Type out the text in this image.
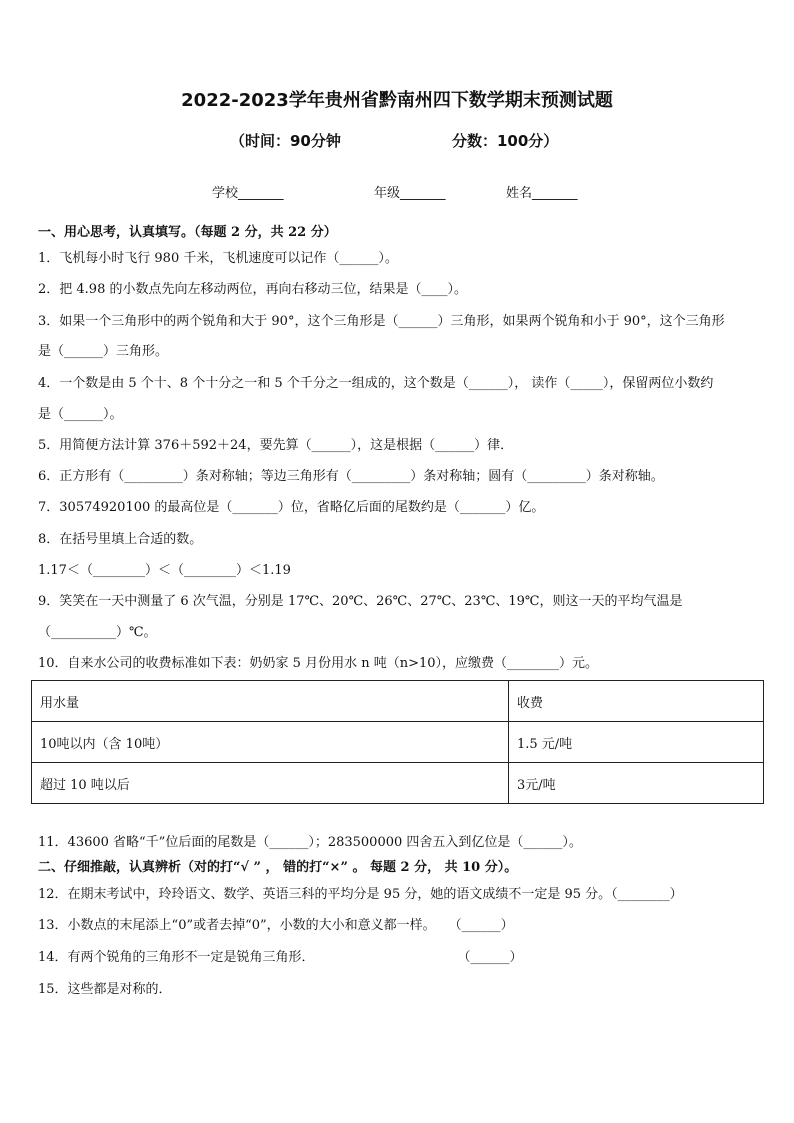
2022-2023学年贵州省黔南州四下数学期末预测试题
（时间：90分钟	分数：100分）
学校_______	年级_______	姓名_______
一、用心思考，认真填写。（每题 2 分，共 22 分）
1．飞机每小时飞行 980 千米，飞机速度可以记作（______）。
2．把 4.98 的小数点先向左移动两位，再向右移动三位，结果是（____）。
3．如果一个三角形中的两个锐角和大于 90°，这个三角形是（______）三角形，如果两个锐角和小于 90°，这个三角形
是（______）三角形。
4．一个数是由 5 个十、8 个十分之一和 5 个千分之一组成的，这个数是（______）， 读作（_____），保留两位小数约
是（______）。
5．用简便方法计算 376＋592＋24，要先算（______），这是根据（______）律．
6．正方形有（_________）条对称轴；等边三角形有（_________）条对称轴；圆有（_________）条对称轴。
7．30574920100 的最高位是（_______）位，省略亿后面的尾数约是（_______）亿。
8．在括号里填上合适的数。
1.17＜（________）＜（________）＜1.19
9．笑笑在一天中测量了 6 次气温，分别是 17℃、20℃、26℃、27℃、23℃、19℃，则这一天的平均气温是
（__________）℃。
10．自来水公司的收费标准如下表：奶奶家 5 月份用水 n 吨（n>10），应缴费（________）元。
用水量	收费
10吨以内（含 10吨）	1.5 元/吨
超过 10 吨以后	3元/吨
11．43600 省略“千”位后面的尾数是（______）；283500000 四舍五入到亿位是（______）。
二、仔细推敲，认真辨析（对的打“√ ” ， 错的打“×” 。 每题 2 分， 共 10 分）。
12．在期末考试中，玲玲语文、数学、英语三科的平均分是 95 分，她的语文成绩不一定是 95 分。（________）
13．小数点的末尾添上“0”或者去掉“0”，小数的大小和意义都一样。　　（______）
14．有两个锐角的三角形不一定是锐角三角形．　　　　　　　　　　　　（______）
15．这些都是对称的．
